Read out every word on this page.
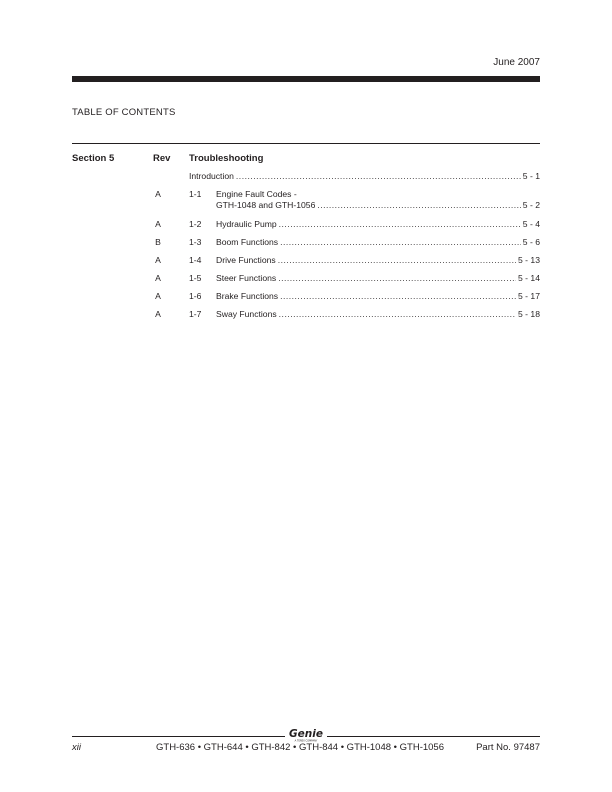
June 2007
TABLE OF CONTENTS
Section 5	Rev Troubleshooting
Introduction .....	5 - 1
A	1-1 Engine Fault Codes -
GTH-1048 and GTH-1056 .....	5 - 2
A	1-2 Hydraulic Pump .....	5 - 4
B	1-3 Boom Functions .....	5 - 6
A	1-4 Drive Functions .....	5 - 13
A	1-5 Steer Functions .....	5 - 14
A	1-6 Brake Functions .....	5 - 17
A	1-7 Sway Functions .....	5 - 18
Genie
A TEREX COMPANY
xii	GTH-636 • GTH-644 • GTH-842 • GTH-844 • GTH-1048 • GTH-1056	Part No. 97487
